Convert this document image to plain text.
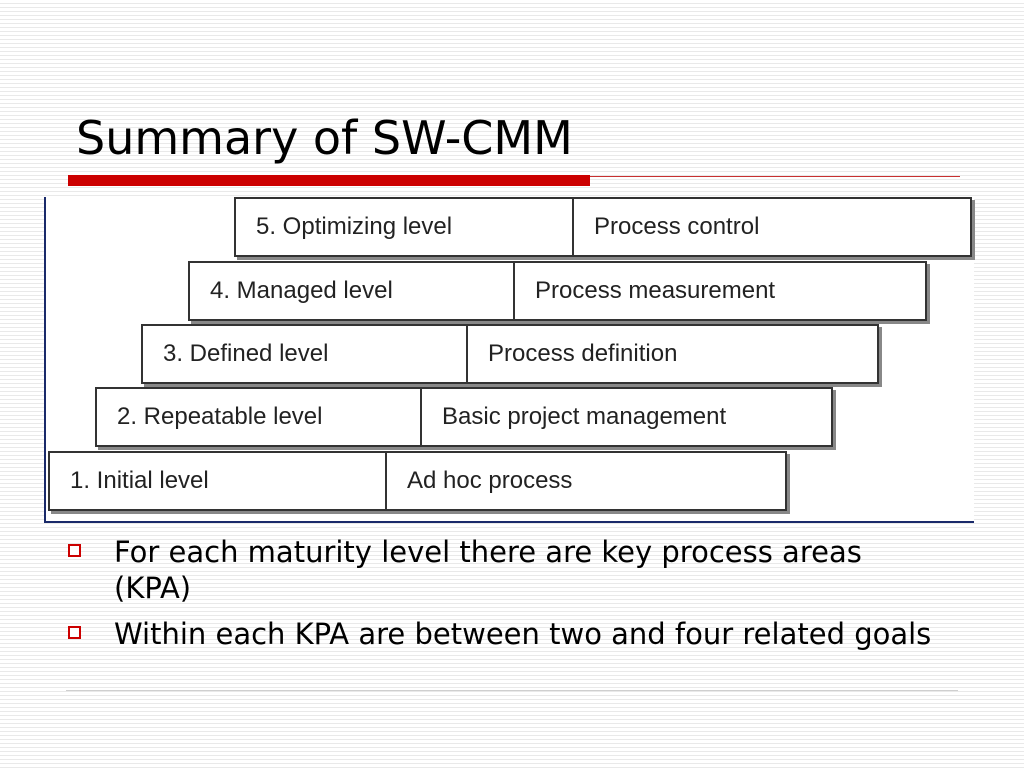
Summary of SW-CMM
5. Optimizing level	Process control
4. Managed level	Process measurement
3. Defined level	Process definition
2. Repeatable level	Basic project management
1. Initial level	Ad hoc process
For each maturity level there are key process areas (KPA)
Within each KPA are between two and four related goals
